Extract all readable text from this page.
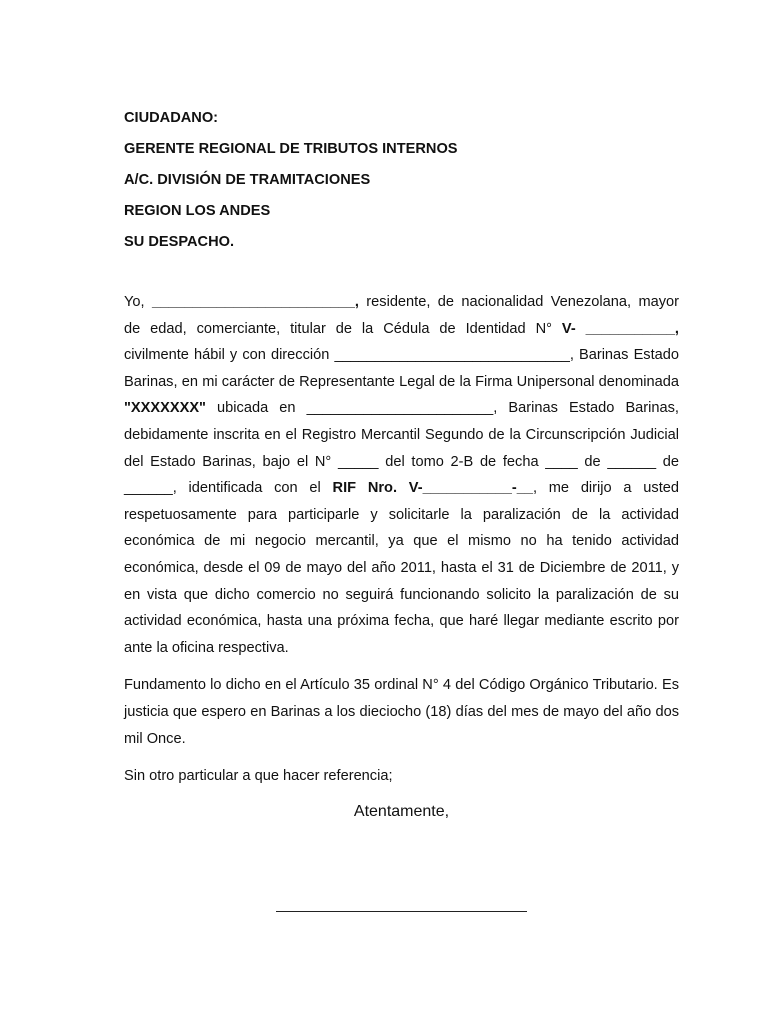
CIUDADANO:
GERENTE REGIONAL DE TRIBUTOS INTERNOS
A/C. DIVISIÓN DE TRAMITACIONES
REGION LOS ANDES
SU DESPACHO.

Yo, _________________________, residente, de nacionalidad Venezolana, mayor de edad, comerciante, titular de la Cédula de Identidad N° V- ___________, civilmente hábil y con dirección _____________________________, Barinas Estado Barinas, en mi carácter de Representante Legal de la Firma Unipersonal denominada "XXXXXXX" ubicada en _______________________, Barinas Estado Barinas, debidamente inscrita en el Registro Mercantil Segundo de la Circunscripción Judicial del Estado Barinas, bajo el N° _____ del tomo 2-B de fecha ____ de ______ de ______, identificada con el RIF Nro. V-___________-__, me dirijo a usted respetuosamente para participarle y solicitarle la paralización de la actividad económica de mi negocio mercantil, ya que el mismo no ha tenido actividad económica, desde el 09 de mayo del año 2011, hasta el 31 de Diciembre de 2011, y en vista que dicho comercio no seguirá funcionando solicito la paralización de su actividad económica, hasta una próxima fecha, que haré llegar mediante escrito por ante la oficina respectiva.

Fundamento lo dicho en el Artículo 35 ordinal N° 4 del Código Orgánico Tributario. Es justicia que espero en Barinas a los dieciocho (18) días del mes de mayo del año dos mil Once.

Sin otro particular a que hacer referencia;

Atentamente,
